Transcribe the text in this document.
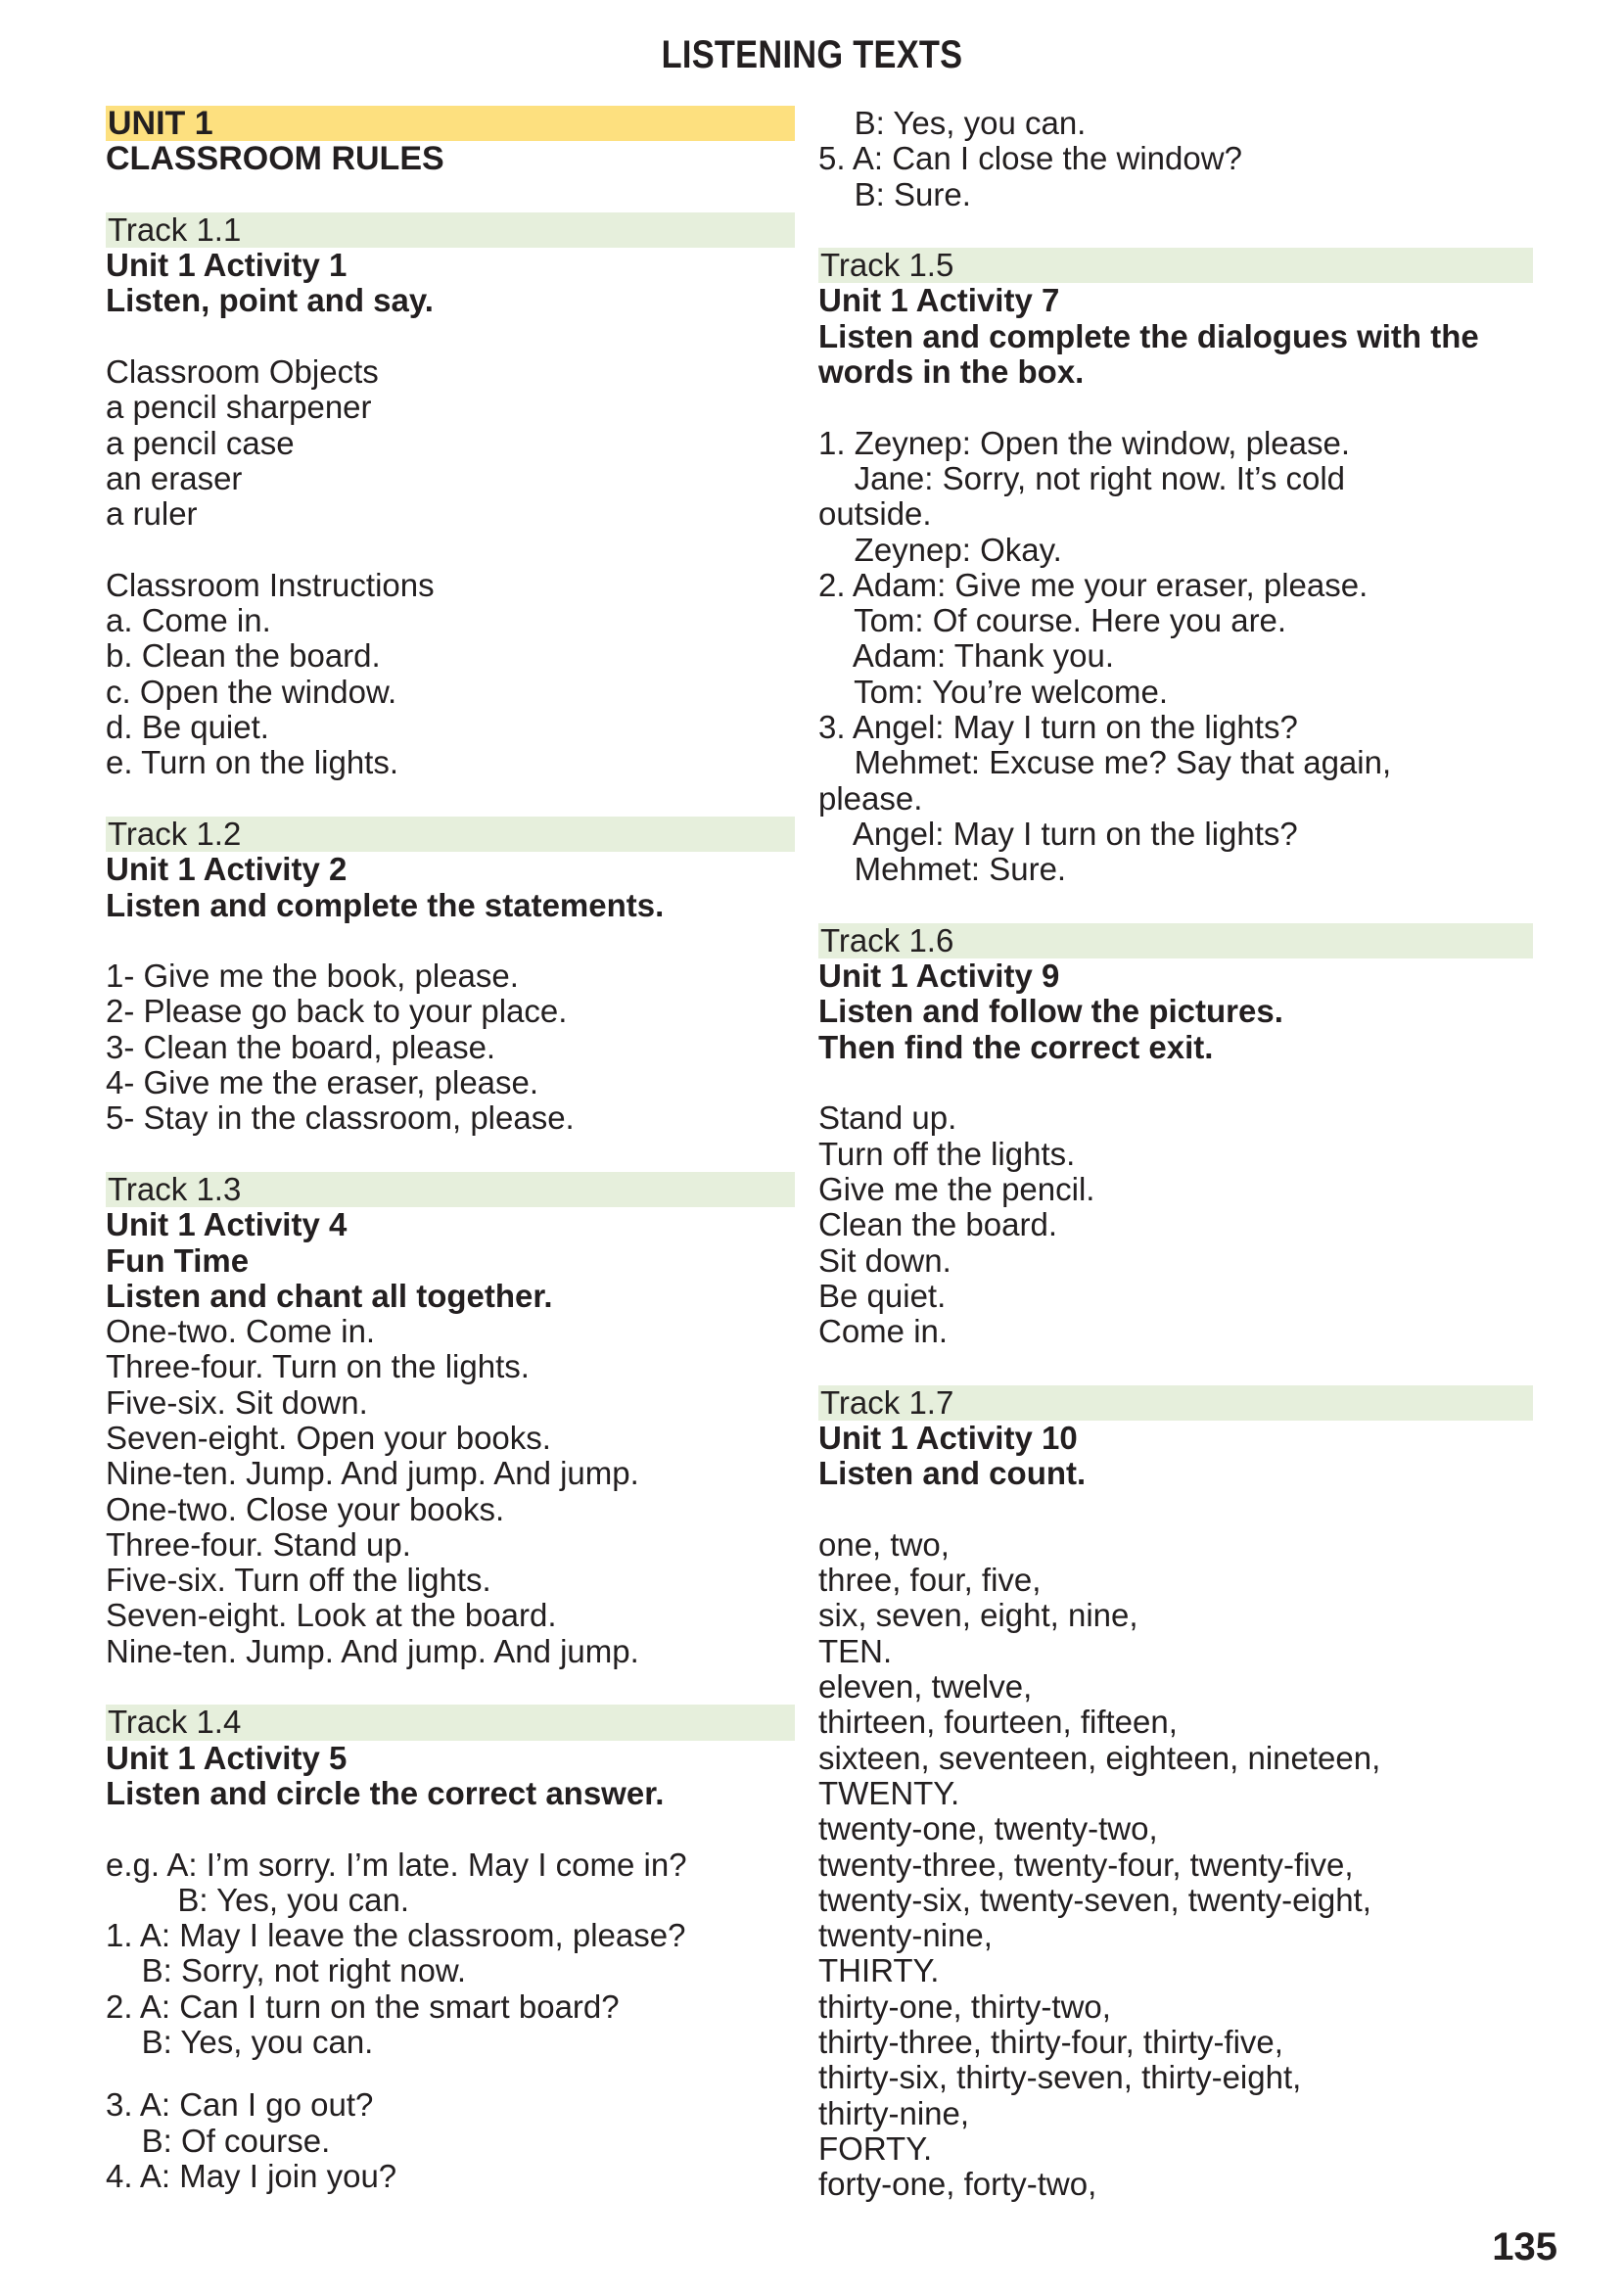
LISTENING TEXTS
UNIT 1
CLASSROOM RULES
Track 1.1
Unit 1 Activity 1
Listen, point and say.
Classroom Objects
a pencil sharpener
a pencil case
an eraser
a ruler
Classroom Instructions
a. Come in.
b. Clean the board.
c. Open the window.
d. Be quiet.
e. Turn on the lights.
Track 1.2
Unit 1 Activity 2
Listen and complete the statements.
1- Give me the book, please.
2- Please go back to your place.
3- Clean the board, please.
4- Give me the eraser, please.
5- Stay in the classroom, please.
Track 1.3
Unit 1 Activity 4
Fun Time
Listen and chant all together.
One-two. Come in.
Three-four. Turn on the lights.
Five-six. Sit down.
Seven-eight. Open your books.
Nine-ten. Jump. And jump. And jump.
One-two. Close your books.
Three-four. Stand up.
Five-six. Turn off the lights.
Seven-eight. Look at the board.
Nine-ten. Jump. And jump. And jump.
Track 1.4
Unit 1 Activity 5
Listen and circle the correct answer.
e.g. A: I’m sorry. I’m late. May I come in?
B: Yes, you can.
1. A: May I leave the classroom, please?
B: Sorry, not right now.
2. A: Can I turn on the smart board?
B: Yes, you can.
3. A: Can I go out?
B: Of course.
4. A: May I join you?
B: Yes, you can.
5. A: Can I close the window?
B: Sure.
Track 1.5
Unit 1 Activity 7
Listen and complete the dialogues with the
words in the box.
1. Zeynep: Open the window, please.
Jane: Sorry, not right now. It’s cold
outside.
Zeynep: Okay.
2. Adam: Give me your eraser, please.
Tom: Of course. Here you are.
Adam: Thank you.
Tom: You’re welcome.
3. Angel: May I turn on the lights?
Mehmet: Excuse me? Say that again,
please.
Angel: May I turn on the lights?
Mehmet: Sure.
Track 1.6
Unit 1 Activity 9
Listen and follow the pictures.
Then find the correct exit.
Stand up.
Turn off the lights.
Give me the pencil.
Clean the board.
Sit down.
Be quiet.
Come in.
Track 1.7
Unit 1 Activity 10
Listen and count.
one, two,
three, four, five,
six, seven, eight, nine,
TEN.
eleven, twelve,
thirteen, fourteen, fifteen,
sixteen, seventeen, eighteen, nineteen,
TWENTY.
twenty-one, twenty-two,
twenty-three, twenty-four, twenty-five,
twenty-six, twenty-seven, twenty-eight,
twenty-nine,
THIRTY.
thirty-one, thirty-two,
thirty-three, thirty-four, thirty-five,
thirty-six, thirty-seven, thirty-eight,
thirty-nine,
FORTY.
forty-one, forty-two,
135
